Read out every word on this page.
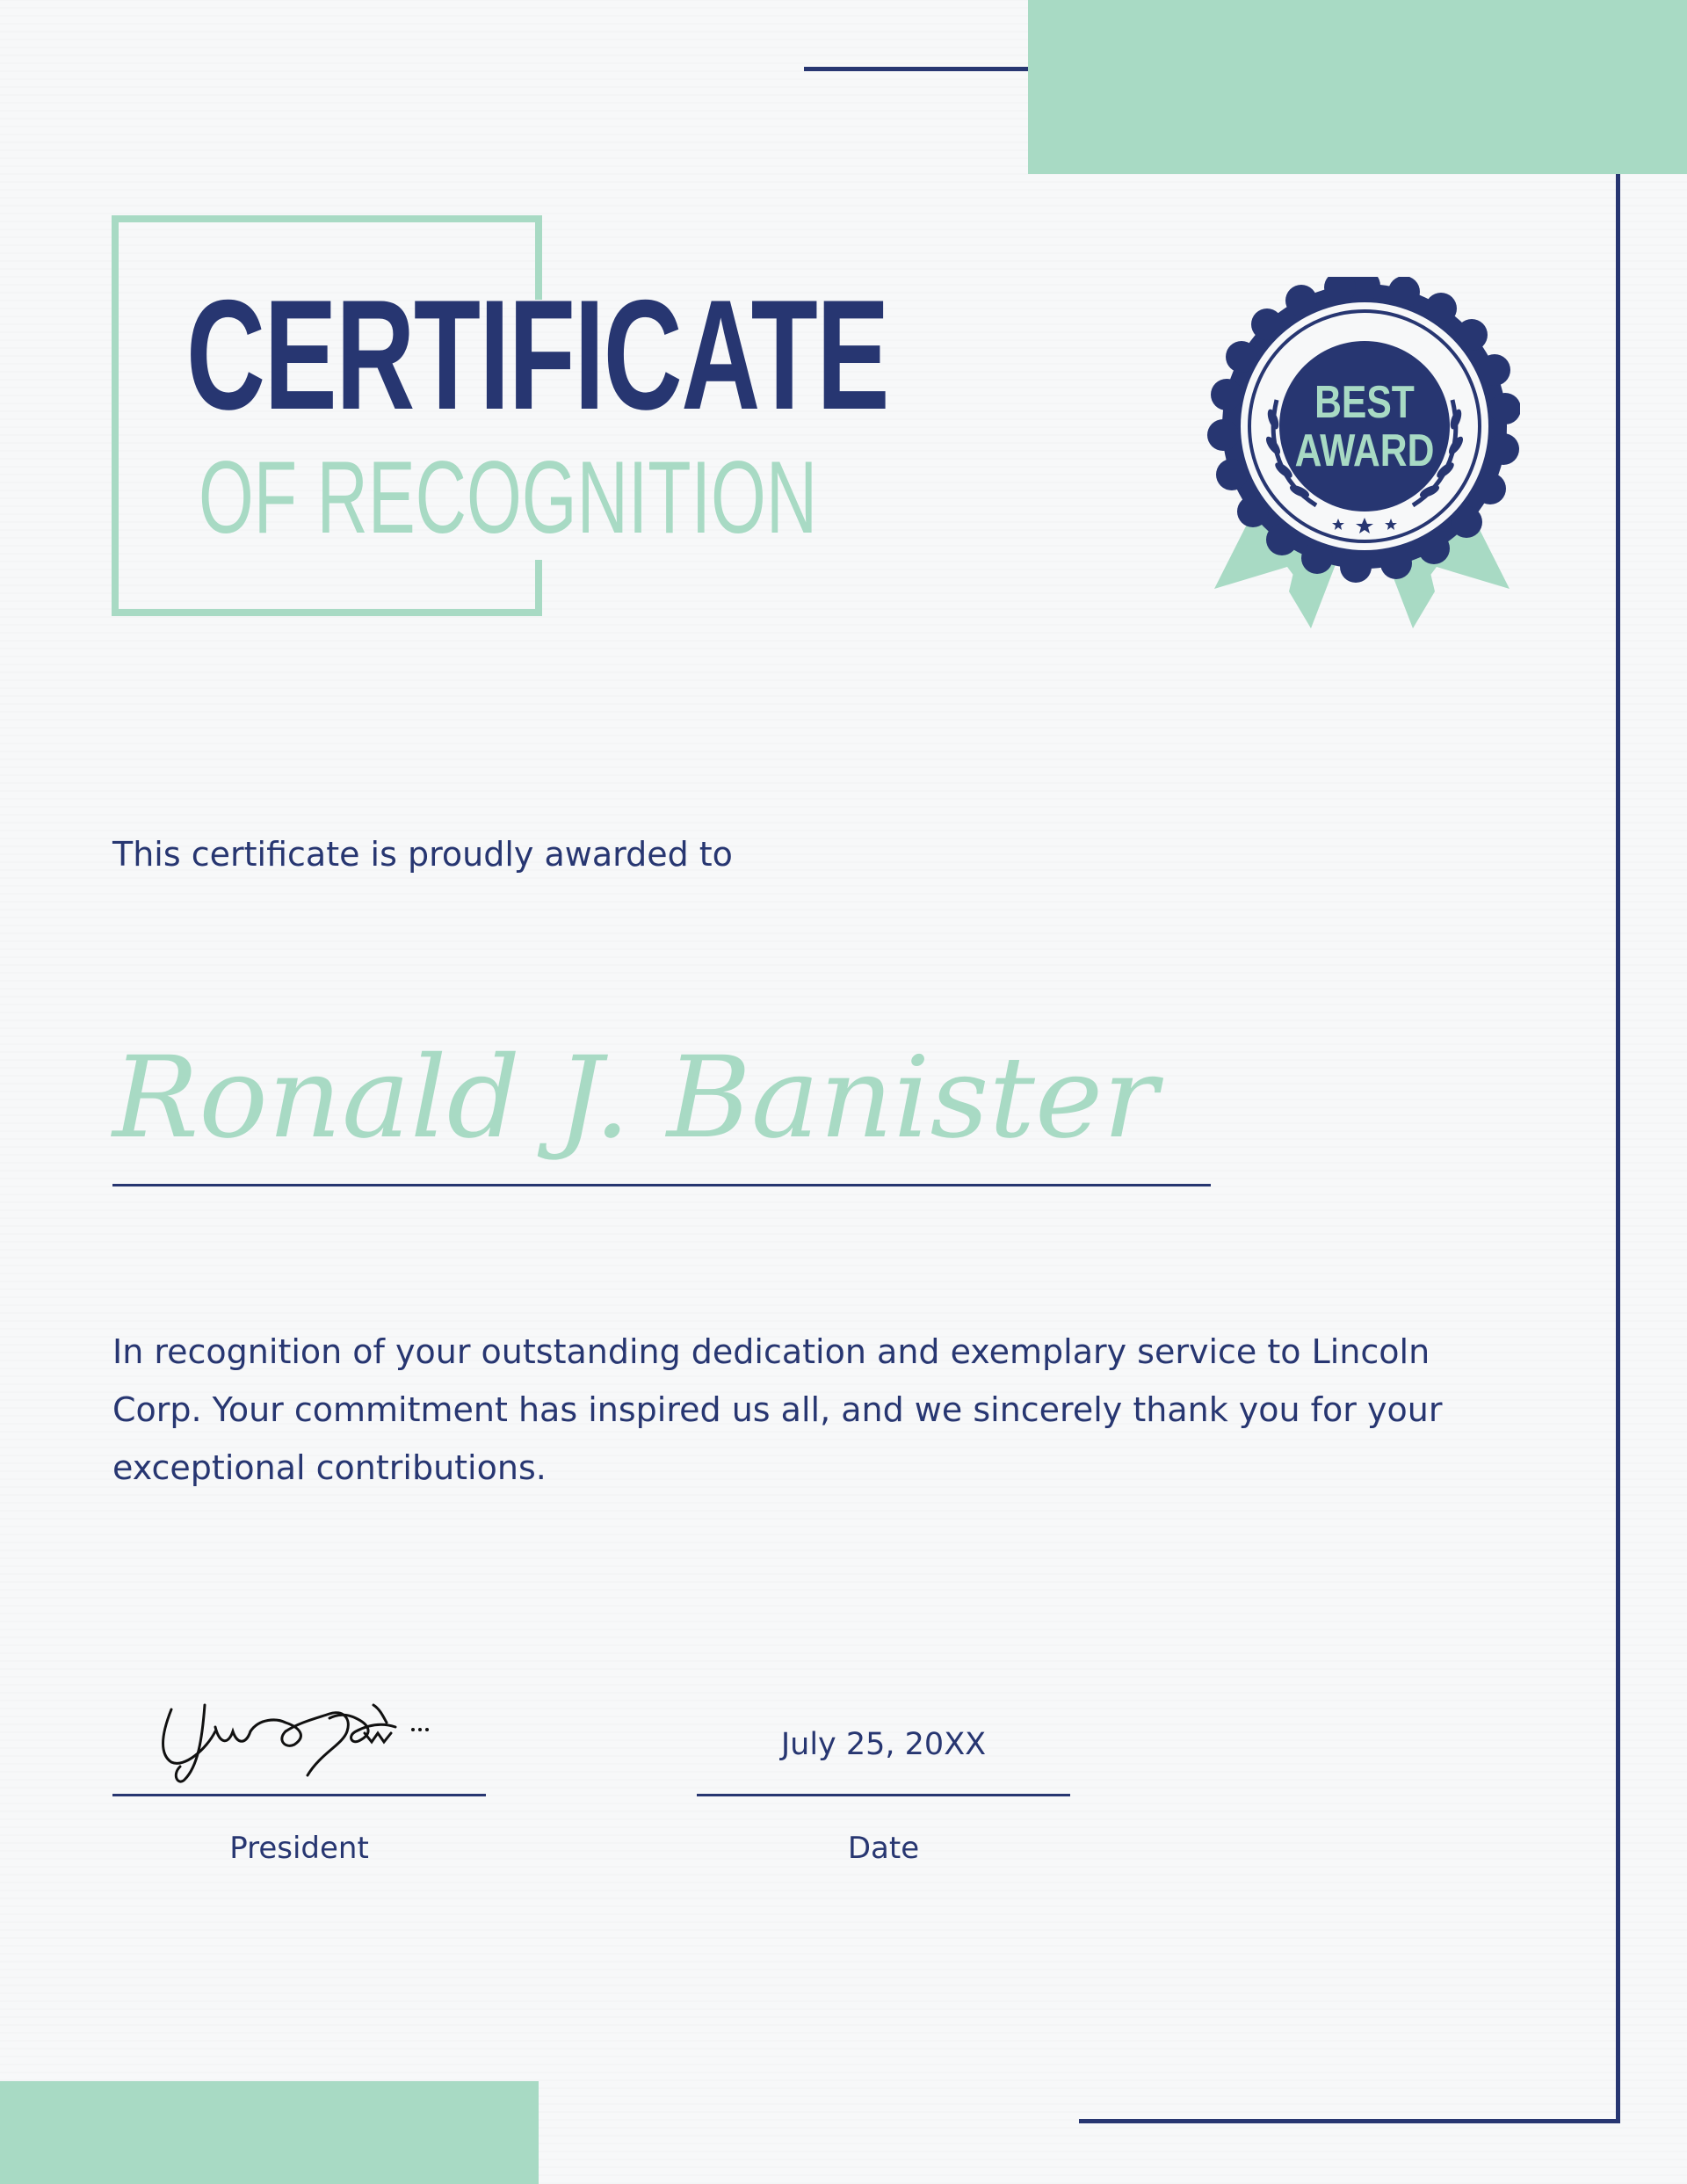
CERTIFICATE
OF RECOGNITION
BEST
AWARD
This certificate is proudly awarded to
Ronald J. Banister
In recognition of your outstanding dedication and exemplary service to Lincoln Corp. Your commitment has inspired us all, and we sincerely thank you for your exceptional contributions.
President
July 25, 20XX
Date
